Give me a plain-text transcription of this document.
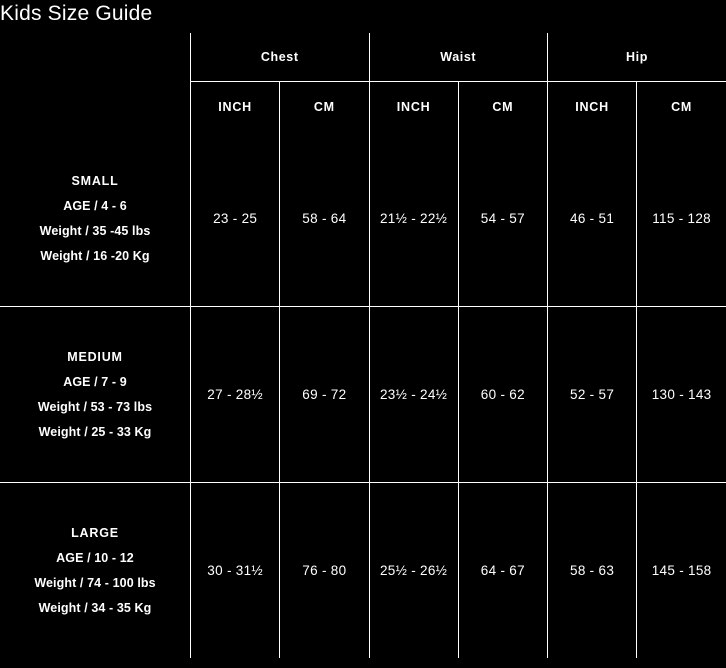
Kids Size Guide
	Chest		Waist		Hip	
	INCH	CM	INCH	CM	INCH	CM

SMALL
AGE / 4 - 6
Weight / 35 -45 lbs
Weight / 16 -20 Kg	23 - 25	58 - 64	21½ - 22½	54 - 57	46 - 51	115 - 128

MEDIUM
AGE / 7 - 9
Weight / 53 - 73 lbs
Weight / 25 - 33 Kg	27 - 28½	69 - 72	23½ - 24½	60 - 62	52 - 57	130 - 143

LARGE
AGE / 10 - 12
Weight / 74 - 100 lbs
Weight / 34 - 35 Kg	30 - 31½	76 - 80	25½ - 26½	64 - 67	58 - 63	145 - 158
